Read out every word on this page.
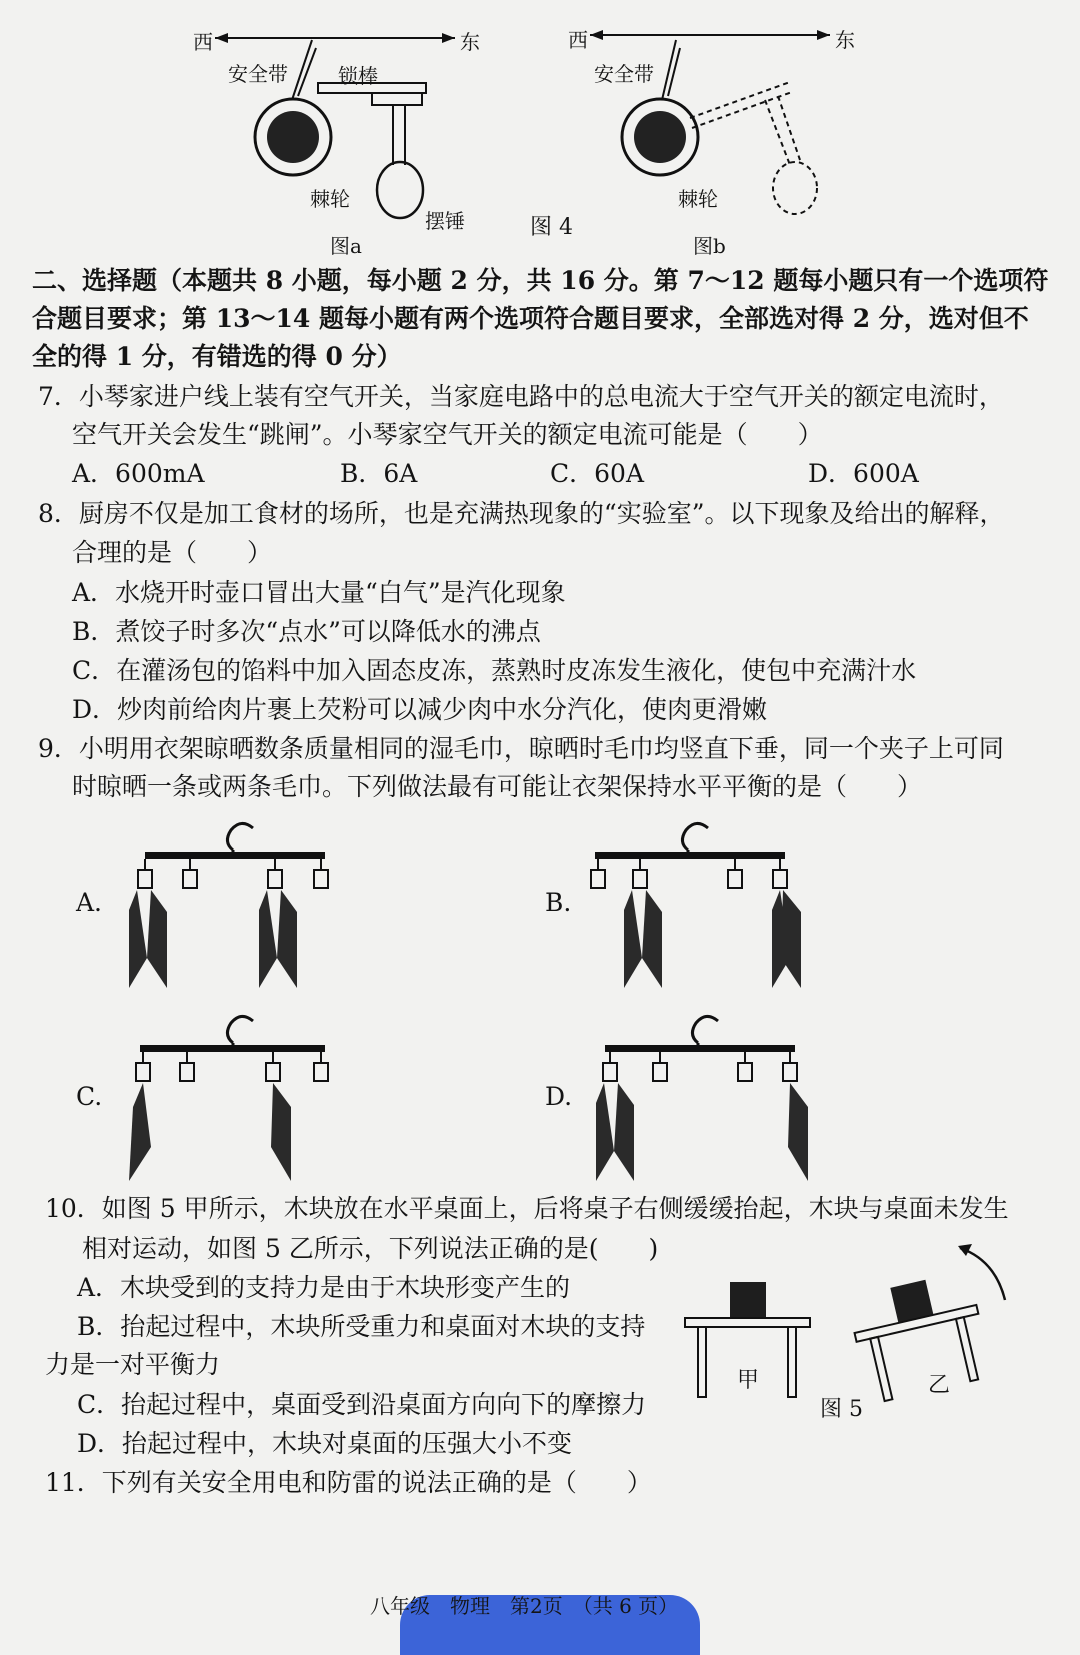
西	东
安全带	锁棒
棘轮
摆锤
图a
图 4
西	东
安全带
棘轮
图b
二、选择题（本题共 8 小题，每小题 2 分，共 16 分。第 7～12 题每小题只有一个选项符合题目要求；第 13～14 题每小题有两个选项符合题目要求，全部选对得 2 分，选对但不全的得 1 分，有错选的得 0 分）
7．小琴家进户线上装有空气开关，当家庭电路中的总电流大于空气开关的额定电流时，
空气开关会发生“跳闸”。小琴家空气开关的额定电流可能是（　　）
A．600mA	B．6A	C．60A	D．600A
8．厨房不仅是加工食材的场所，也是充满热现象的“实验室”。以下现象及给出的解释，
合理的是（　　）
A．水烧开时壶口冒出大量“白气”是汽化现象
B．煮饺子时多次“点水”可以降低水的沸点
C．在灌汤包的馅料中加入固态皮冻，蒸熟时皮冻发生液化，使包中充满汁水
D．炒肉前给肉片裹上芡粉可以减少肉中水分汽化，使肉更滑嫩
9．小明用衣架晾晒数条质量相同的湿毛巾，晾晒时毛巾均竖直下垂，同一个夹子上可同
时晾晒一条或两条毛巾。下列做法最有可能让衣架保持水平平衡的是（　　）
A.	B.
C.	D.
10．如图 5 甲所示，木块放在水平桌面上，后将桌子右侧缓缓抬起，木块与桌面未发生
相对运动，如图 5 乙所示，下列说法正确的是(　　)
A．木块受到的支持力是由于木块形变产生的
B．抬起过程中，木块所受重力和桌面对木块的支持
力是一对平衡力
C．抬起过程中，桌面受到沿桌面方向向下的摩擦力
D．抬起过程中，木块对桌面的压强大小不变
甲	乙
图 5
11．下列有关安全用电和防雷的说法正确的是（　　）
八年级　物理　第2页　（共 6 页）
